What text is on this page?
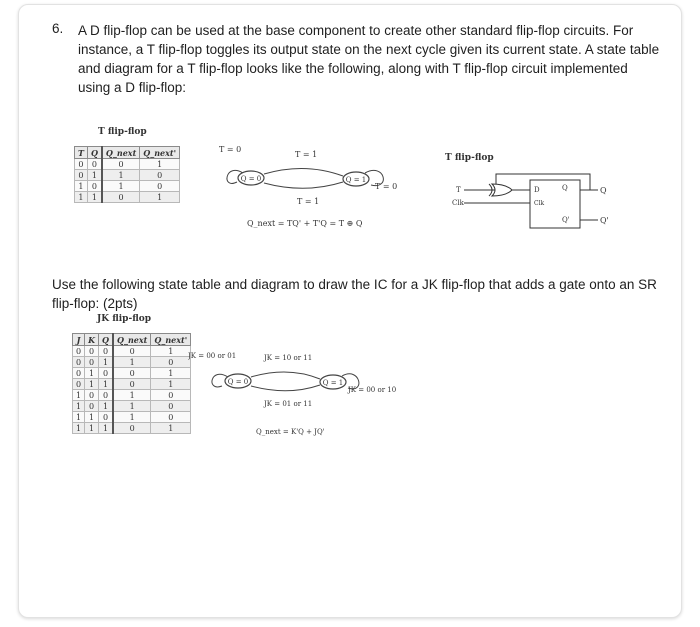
6. A D flip-flop can be used at the base component to create other standard flip-flop circuits. For instance, a T flip-flop toggles its output state on the next cycle given its current state. A state table and diagram for a T flip-flop looks like the following, along with T flip-flop circuit implemented using a D flip-flop:
T flip-flop
T	Q	Q_next	Q_next'
0	0	0	1
0	1	1	0
1	0	1	0
1	1	0	1
T = 0
T = 1
Q = 0	Q = 1
T = 0
T = 1
Q_next = TQ' + T'Q = T ⊕ Q
T flip-flop
T
Clk
D	Q
Clk
Q'
Q
Q'
Use the following state table and diagram to draw the IC for a JK flip-flop that adds a gate onto an SR flip-flop: (2pts)
JK flip-flop
J	K	Q	Q_next	Q_next'
0	0	0	0	1
0	0	1	1	0
0	1	0	0	1
0	1	1	0	1
1	0	0	1	0
1	0	1	1	0
1	1	0	1	0
1	1	1	0	1
JK = 00 or 01	JK = 10 or 11
Q = 0	Q = 1
JK = 00 or 10
JK = 01 or 11
Q_next = K'Q + JQ'
